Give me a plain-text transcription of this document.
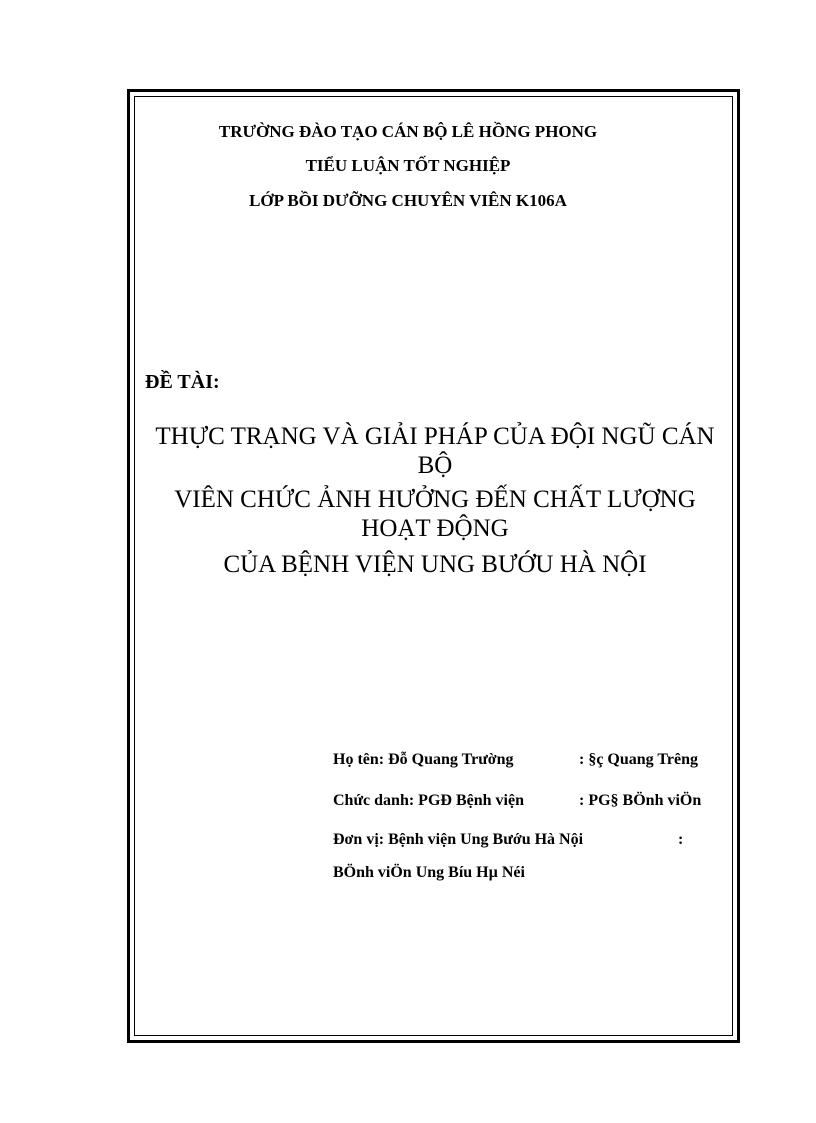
TRƯỜNG ĐÀO TẠO CÁN BỘ LÊ HỒNG PHONG
TIỂU LUẬN TỐT NGHIỆP
LỚP BỒI DƯỠNG CHUYÊN VIÊN K106A
ĐỀ TÀI:
THỰC TRẠNG VÀ GIẢI PHÁP CỦA ĐỘI NGŨ CÁN
BỘ
VIÊN CHỨC ẢNH HƯỞNG ĐẾN CHẤT LƯỢNG
HOẠT ĐỘNG
CỦA BỆNH VIỆN UNG BƯỚU HÀ NỘI
Họ tên: Đỗ Quang Trường	: §ç Quang Trêng
Chức danh: PGĐ Bệnh viện	: PG§ BÖnh viÖn
Đơn vị: Bệnh viện Ung Bướu Hà Nội	:
BÖnh viÖn Ung Bíu Hµ Néi
